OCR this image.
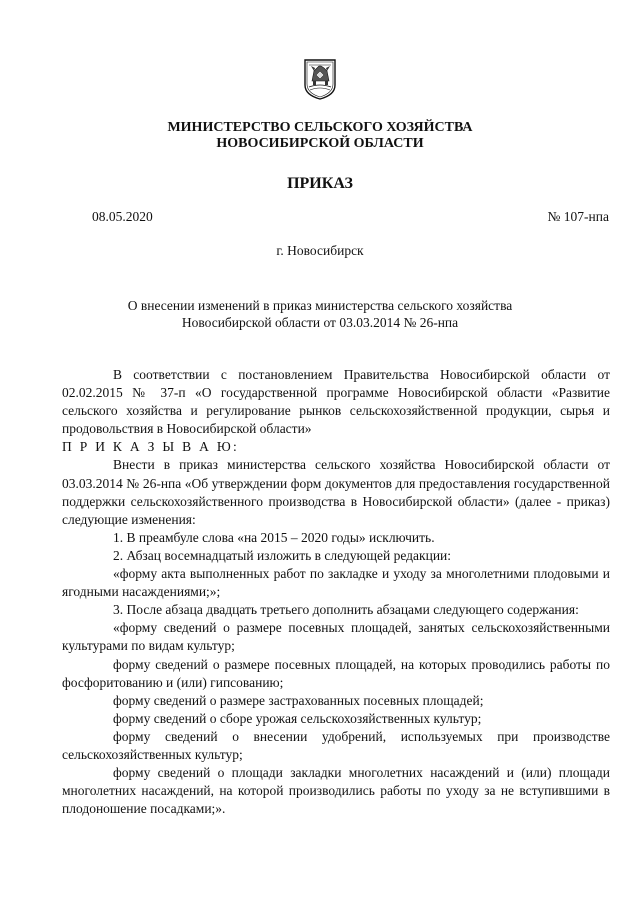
МИНИСТЕРСТВО СЕЛЬСКОГО ХОЗЯЙСТВА
НОВОСИБИРСКОЙ ОБЛАСТИ
ПРИКАЗ
08.05.2020	№ 107-нпа
г. Новосибирск
О внесении изменений в приказ министерства сельского хозяйства
Новосибирской области от 03.03.2014 № 26-нпа

В соответствии с постановлением Правительства Новосибирской области от 02.02.2015 № 37-п «О государственной программе Новосибирской области «Развитие сельского хозяйства и регулирование рынков сельскохозяйственной продукции, сырья и продовольствия в Новосибирской области»

П Р И К А З Ы В А Ю:

Внести в приказ министерства сельского хозяйства Новосибирской области от 03.03.2014 № 26-нпа «Об утверждении форм документов для предоставления государственной поддержки сельскохозяйственного производства в Новосибирской области» (далее - приказ) следующие изменения:

1. В преамбуле слова «на 2015 – 2020 годы» исключить.

2. Абзац восемнадцатый изложить в следующей редакции:

«форму акта выполненных работ по закладке и уходу за многолетними плодовыми и ягодными насаждениями;»;

3. После абзаца двадцать третьего дополнить абзацами следующего содержания:

«форму сведений о размере посевных площадей, занятых сельскохозяйственными культурами по видам культур;

форму сведений о размере посевных площадей, на которых проводились работы по фосфоритованию и (или) гипсованию;

форму сведений о размере застрахованных посевных площадей;

форму сведений о сборе урожая сельскохозяйственных культур;

форму сведений о внесении удобрений, используемых при производстве сельскохозяйственных культур;

форму сведений о площади закладки многолетних насаждений и (или) площади многолетних насаждений, на которой производились работы по уходу за не вступившими в плодоношение посадками;».
